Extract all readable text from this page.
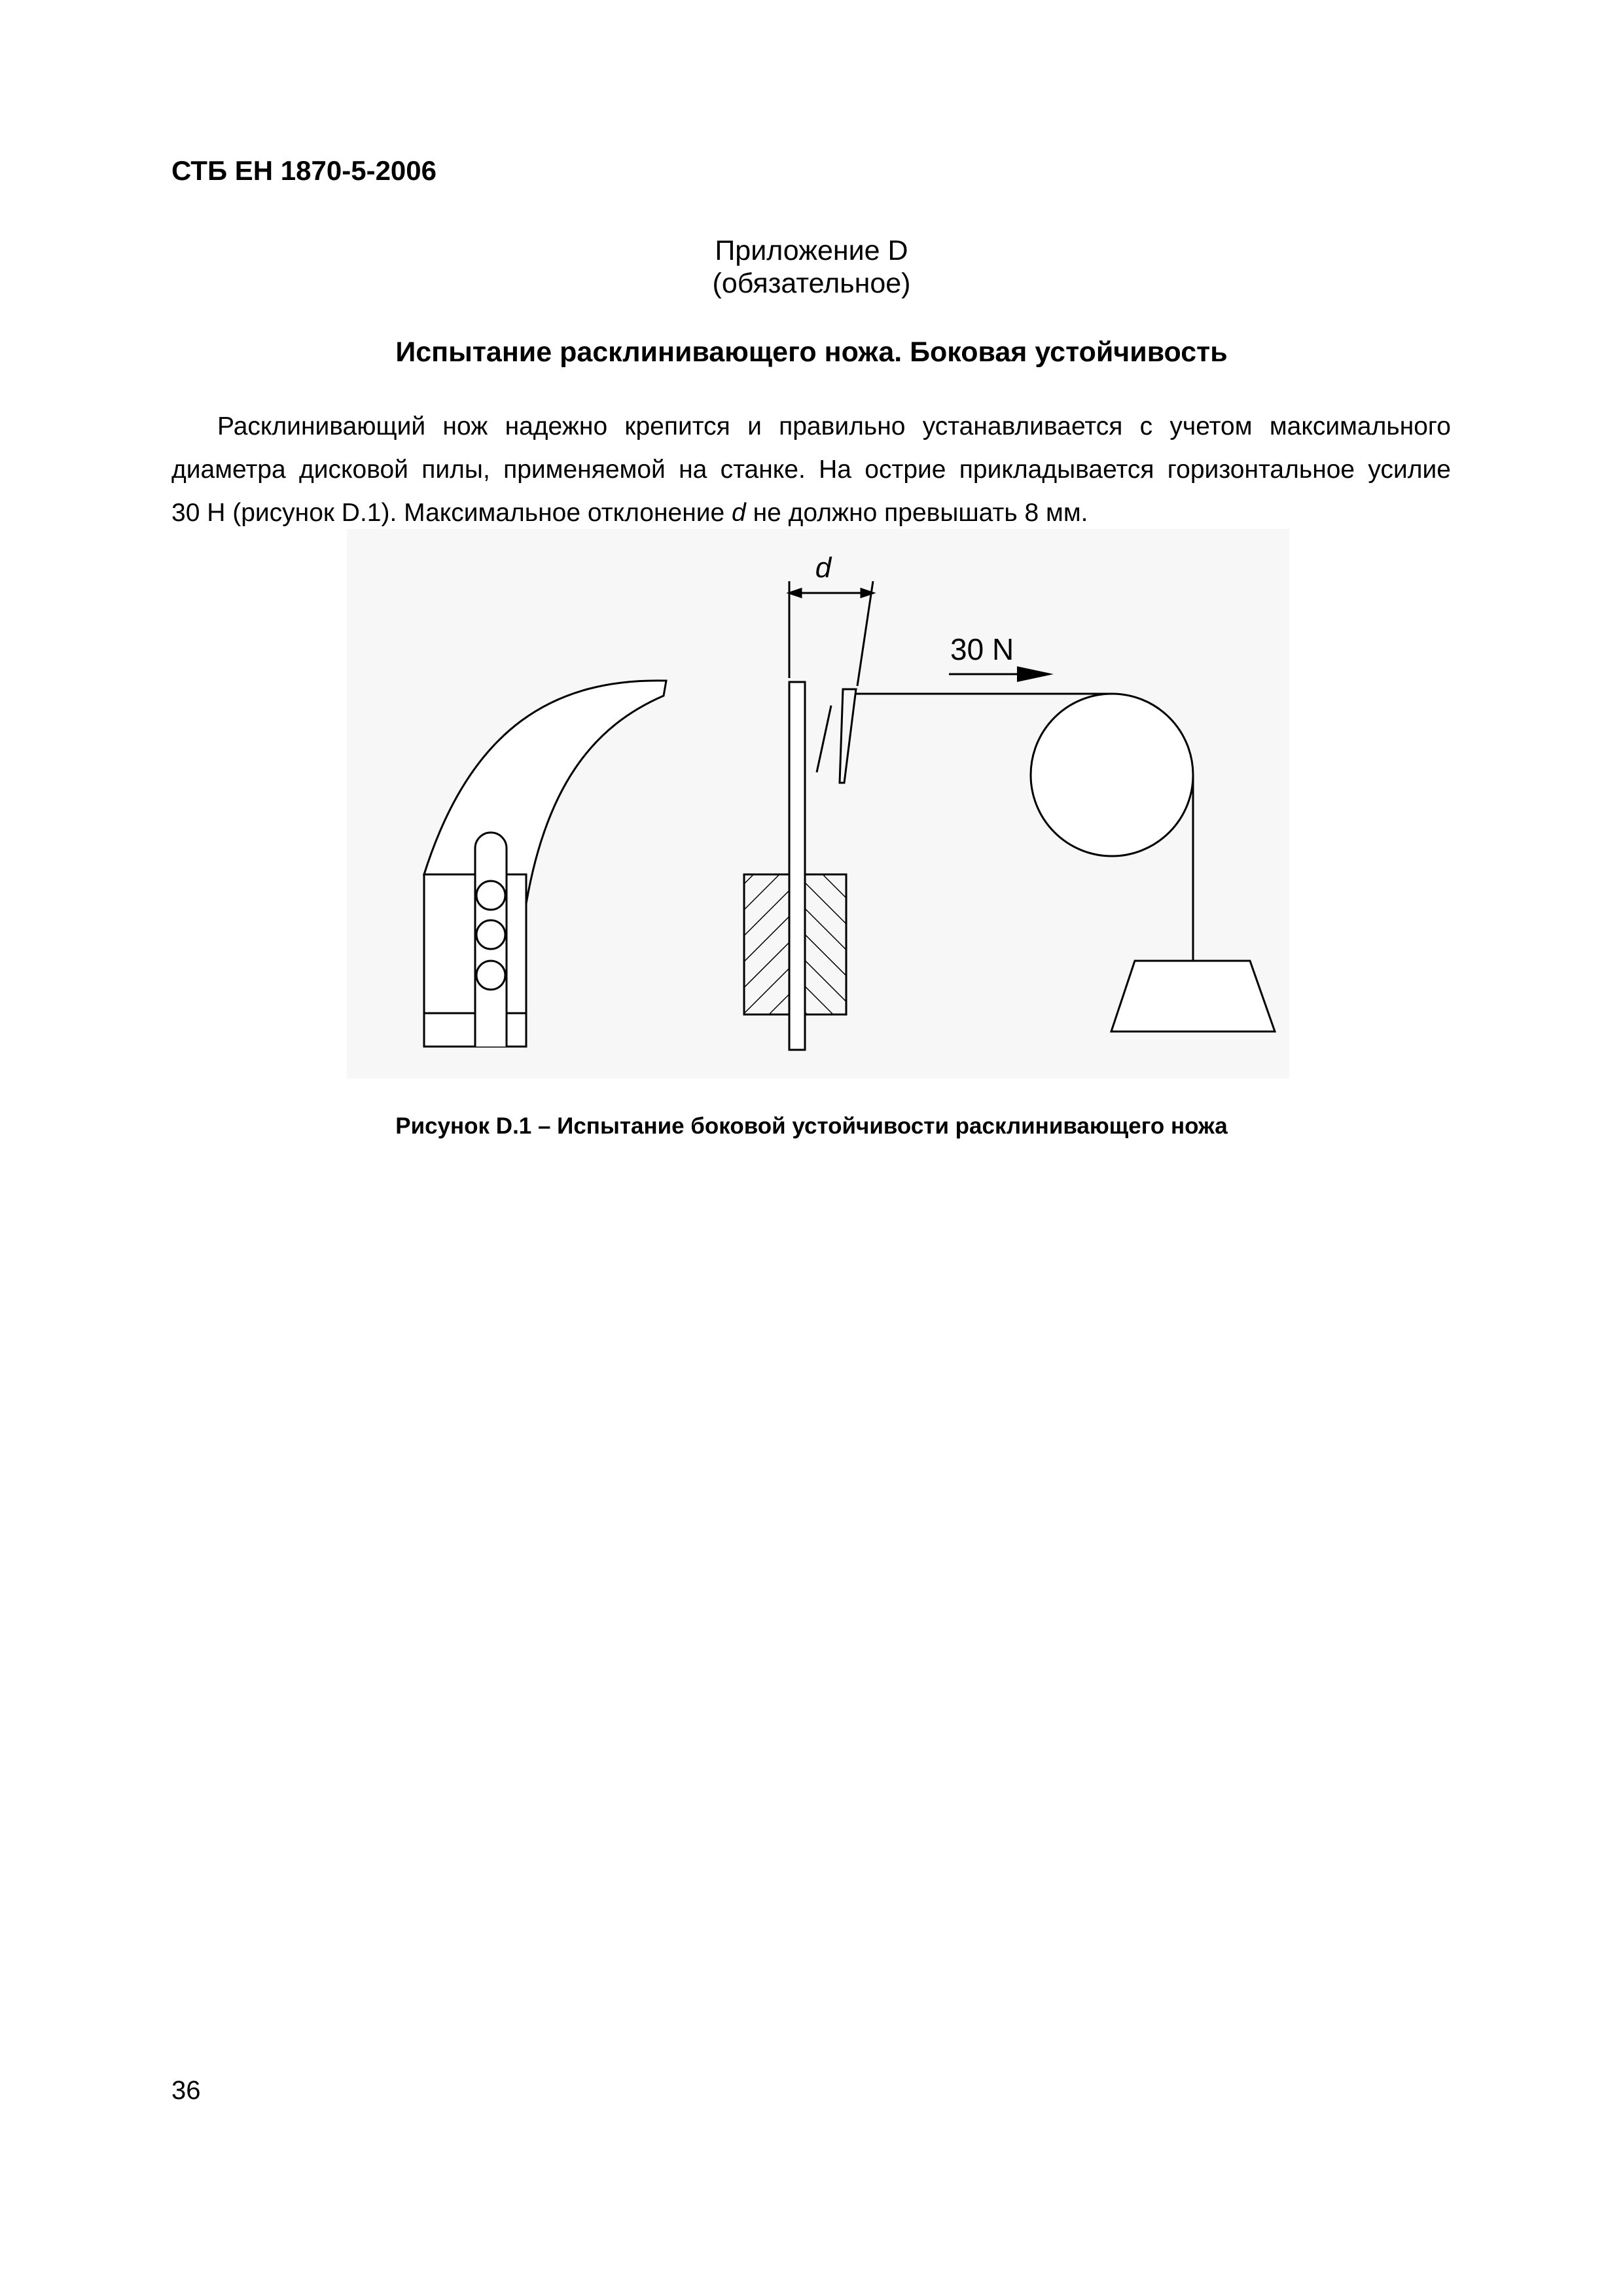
СТБ ЕН 1870-5-2006
Приложение D
(обязательное)
Испытание расклинивающего ножа. Боковая устойчивость
Расклинивающий нож надежно крепится и правильно устанавливается с учетом максимального
диаметра дисковой пилы, применяемой на станке. На острие прикладывается горизонтальное усилие
30 Н (рисунок D.1). Максимальное отклонение d не должно превышать 8 мм.
d
30 N
Рисунок D.1 – Испытание боковой устойчивости расклинивающего ножа
36
